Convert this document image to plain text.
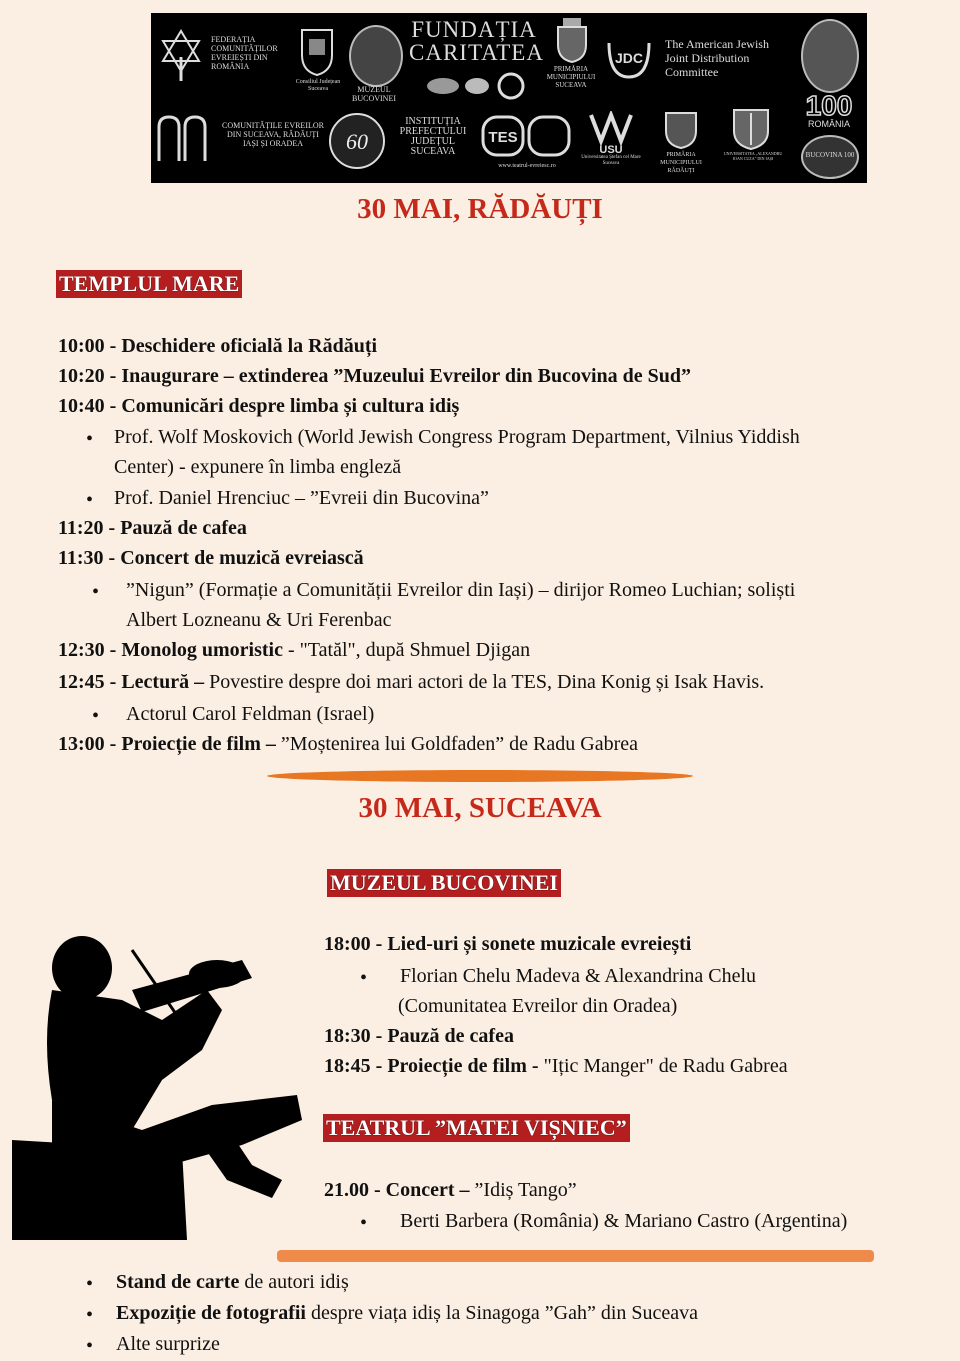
FEDERAȚIA COMUNITĂȚILOR EVREIEȘTI DIN ROMÂNIA
Consiliul Județean Suceava	MUZEUL BUCOVINEI
FUNDAȚIA
CARITATEA
PRIMĂRIA MUNICIPIULUI SUCEAVA
JDC
The American Jewish Joint Distribution Committee
COMUNITĂȚILE EVREILOR DIN SUCEAVA, RĂDĂUȚI IAȘI ȘI ORADEA	60
INSTITUȚIA PREFECTULUI JUDEȚUL SUCEAVA
TES
www.teatrul-evreiesc.ro
USU
Universitatea Ștefan cel Mare Suceava
PRIMĂRIA MUNICIPIULUI RĂDĂUȚI
UNIVERSITATEA „ALEXANDRU IOAN CUZA” DIN IAȘI
100
ROMÂNIA
BUCOVINA 100
30 MAI, RĂDĂUȚI
TEMPLUL MARE
10:00 - Deschidere oficială la Rădăuți
10:20 - Inaugurare – extinderea ”Muzeului Evreilor din Bucovina de Sud”
10:40 - Comunicări despre limba și cultura idiș
• Prof. Wolf Moskovich (World Jewish Congress Program Department, Vilnius Yiddish
Center) - expunere în limba engleză
• Prof. Daniel Hrenciuc – ”Evreii din Bucovina”
11:20 - Pauză de cafea
11:30 - Concert de muzică evreiască
• ”Nigun” (Formație a Comunității Evreilor din Iași) – dirijor Romeo Luchian; soliști
Albert Lozneanu & Uri Ferenbac
12:30 - Monolog umoristic - "Tatăl", după Shmuel Djigan
12:45 - Lectură – Povestire despre doi mari actori de la TES, Dina Konig și Isak Havis.
• Actorul Carol Feldman (Israel)
13:00 - Proiecție de film – ”Moștenirea lui Goldfaden” de Radu Gabrea
30 MAI, SUCEAVA
MUZEUL BUCOVINEI
18:00 - Lied-uri și sonete muzicale evreiești
• Florian Chelu Madeva & Alexandrina Chelu
(Comunitatea Evreilor din Oradea)
18:30 - Pauză de cafea
18:45 - Proiecție de film - "Ițic Manger" de Radu Gabrea
TEATRUL ”MATEI VIȘNIEC”
21.00 - Concert – ”Idiș Tango”
• Berti Barbera (România) & Mariano Castro (Argentina)
• Stand de carte de autori idiș
• Expoziție de fotografii despre viața idiș la Sinagoga ”Gah” din Suceava
• Alte surprize
